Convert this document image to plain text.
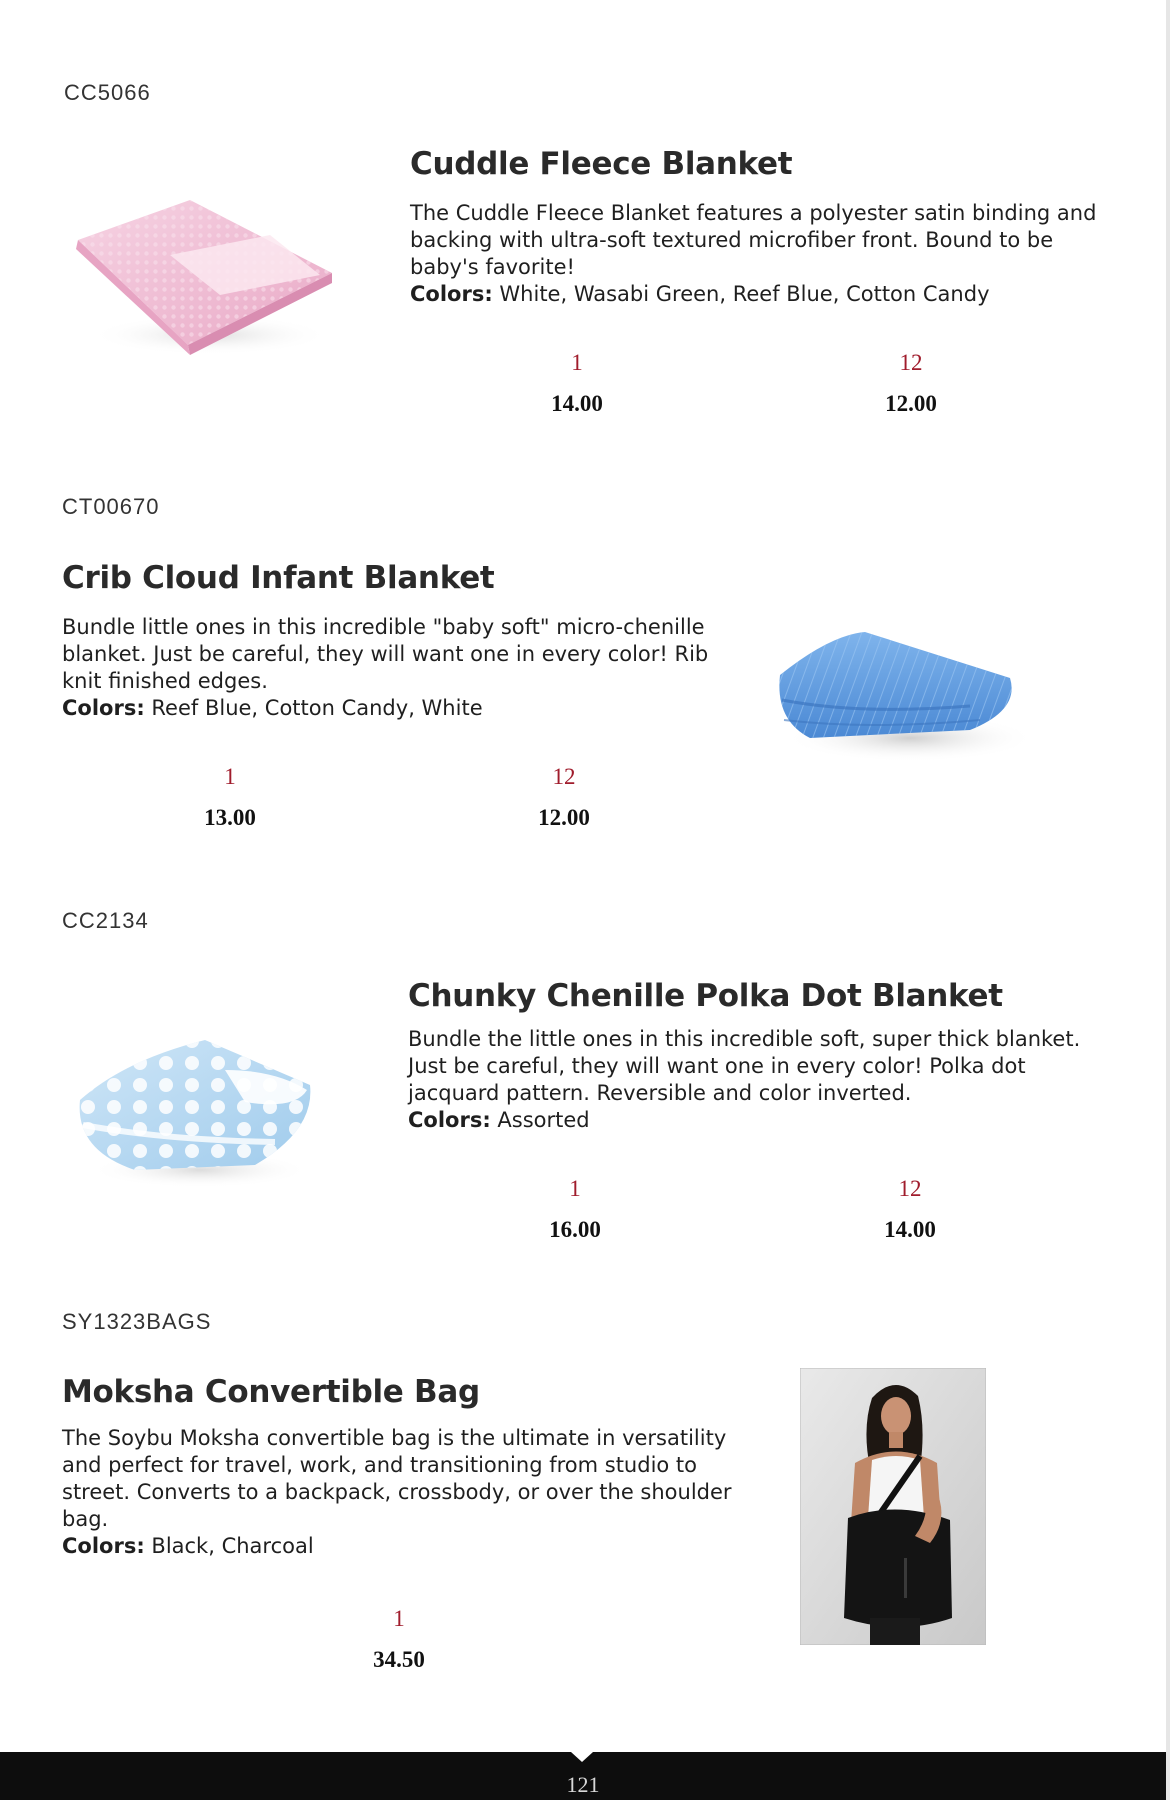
CC5066
Cuddle Fleece Blanket

The Cuddle Fleece Blanket features a polyester satin binding and backing with ultra-soft textured microfiber front. Bound to be baby's favorite!
Colors: White, Wasabi Green, Reef Blue, Cotton Candy

1
14.00
12
12.00
CT00670
Crib Cloud Infant Blanket

Bundle little ones in this incredible "baby soft" micro-chenille blanket. Just be careful, they will want one in every color! Rib knit finished edges.
Colors: Reef Blue, Cotton Candy, White

1
13.00
12
12.00
CC2134
Chunky Chenille Polka Dot Blanket

Bundle the little ones in this incredible soft, super thick blanket. Just be careful, they will want one in every color! Polka dot jacquard pattern. Reversible and color inverted.
Colors: Assorted

1
16.00
12
14.00
SY1323BAGS
Moksha Convertible Bag

The Soybu Moksha convertible bag is the ultimate in versatility and perfect for travel, work, and transitioning from studio to street. Converts to a backpack, crossbody, or over the shoulder bag.
Colors: Black, Charcoal

1
34.50
121
